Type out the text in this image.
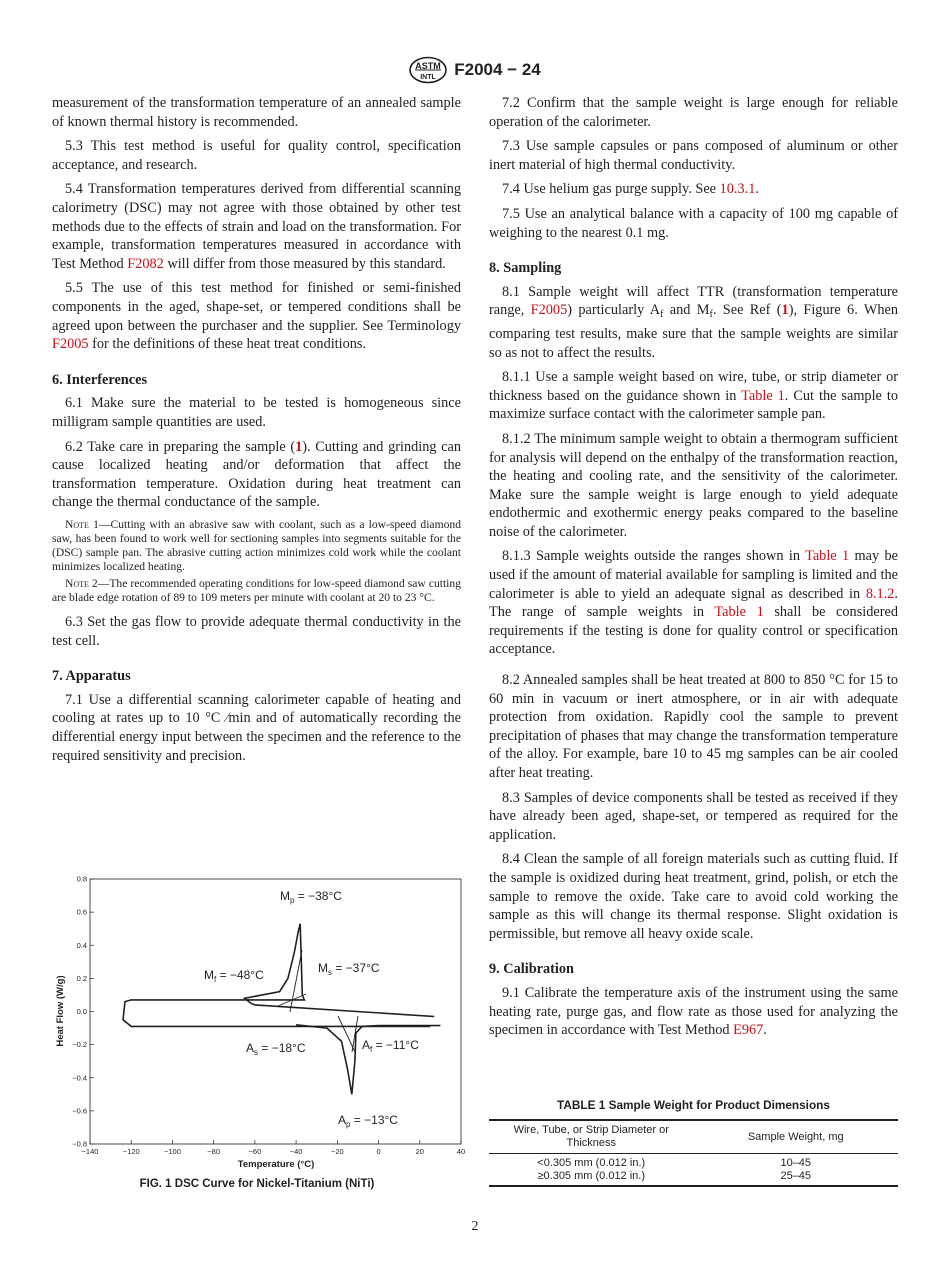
ASTM
INTL F2004 − 24

measurement of the transformation temperature of an annealed sample of known thermal history is recommended.

5.3 This test method is useful for quality control, specification acceptance, and research.

5.4 Transformation temperatures derived from differential scanning calorimetry (DSC) may not agree with those obtained by other test methods due to the effects of strain and load on the transformation. For example, transformation temperatures measured in accordance with Test Method F2082 will differ from those measured by this standard.

5.5 The use of this test method for finished or semi-finished components in the aged, shape-set, or tempered conditions shall be agreed upon between the purchaser and the supplier. See Terminology F2005 for the definitions of these heat treat conditions.

6. Interferences

6.1 Make sure the material to be tested is homogeneous since milligram sample quantities are used.

6.2 Take care in preparing the sample (1). Cutting and grinding can cause localized heating and/or deformation that affect the transformation temperature. Oxidation during heat treatment can change the thermal conductance of the sample.

Note 1—Cutting with an abrasive saw with coolant, such as a low-speed diamond saw, has been found to work well for sectioning samples into segments suitable for the (DSC) sample pan. The abrasive cutting action minimizes cold work while the coolant minimizes localized heating.
Note 2—The recommended operating conditions for low-speed diamond saw cutting are blade edge rotation of 89 to 109 meters per minute with coolant at 20 to 23 °C.

6.3 Set the gas flow to provide adequate thermal conductivity in the test cell.

7. Apparatus

7.1 Use a differential scanning calorimeter capable of heating and cooling at rates up to 10 °C ⁄min and of automatically recording the differential energy input between the specimen and the reference to the required sensitivity and precision.

7.2 Confirm that the sample weight is large enough for reliable operation of the calorimeter.

7.3 Use sample capsules or pans composed of aluminum or other inert material of high thermal conductivity.

7.4 Use helium gas purge supply. See 10.3.1.

7.5 Use an analytical balance with a capacity of 100 mg capable of weighing to the nearest 0.1 mg.

8. Sampling

8.1 Sample weight will affect TTR (transformation temperature range, F2005) particularly $A_f$ and $M_f$. See Ref (1), Figure 6. When comparing test results, make sure that the sample weights are similar so as not to affect the results.

8.1.1 Use a sample weight based on wire, tube, or strip diameter or thickness based on the guidance shown in Table 1. Cut the sample to maximize surface contact with the calorimeter sample pan.

8.1.2 The minimum sample weight to obtain a thermogram sufficient for analysis will depend on the enthalpy of the transformation reaction, the heating and cooling rate, and the sensitivity of the calorimeter. Make sure the sample weight is large enough to yield adequate endothermic and exothermic energy peaks compared to the baseline noise of the calorimeter.

8.1.3 Sample weights outside the ranges shown in Table 1 may be used if the amount of material available for sampling is limited and the calorimeter is able to yield an adequate signal as described in 8.1.2. The range of sample weights in Table 1 shall be considered requirements if the testing is done for quality control or specification acceptance.

8.2 Annealed samples shall be heat treated at 800 to 850 °C for 15 to 60 min in vacuum or inert atmosphere, or in air with adequate protection from oxidation. Rapidly cool the sample to prevent precipitation of phases that may change the transformation temperature of the alloy. For example, bare 10 to 45 mg samples can be air cooled after heat treating.

8.3 Samples of device components shall be tested as received if they have already been aged, shape-set, or tempered as required for the application.

8.4 Clean the sample of all foreign materials such as cutting fluid. If the sample is oxidized during heat treatment, grind, polish, or etch the sample to remove the oxide. Take care to avoid cold working the sample as this will change its thermal response. Slight oxidation is permissible, but remove all heavy oxide scale.

9. Calibration

9.1 Calibrate the temperature axis of the instrument using the same heating rate, purge gas, and flow rate as those used for analyzing the specimen in accordance with Test Method E967.

Heat Flow (W/g)
Temperature (°C)
−140	−120	−100	−80	−60	−40	−20	0	20	40
0.8
0.6
0.4
0.2
0.0
−0.2
−0.4
−0.6
−0.8
$M_p = -38^\circ C$
$M_s = -37^\circ C$
$M_f = -48^\circ C$
$A_s = -18^\circ C$	$A_f = -11^\circ C$
$A_p = -13^\circ C$
FIG. 1 DSC Curve for Nickel-Titanium (NiTi)
TABLE 1 Sample Weight for Product Dimensions
Wire, Tube, or Strip Diameter or Thickness	Sample Weight, mg
<0.305 mm (0.012 in.)	10–45
≥0.305 mm (0.012 in.)	25–45
2
